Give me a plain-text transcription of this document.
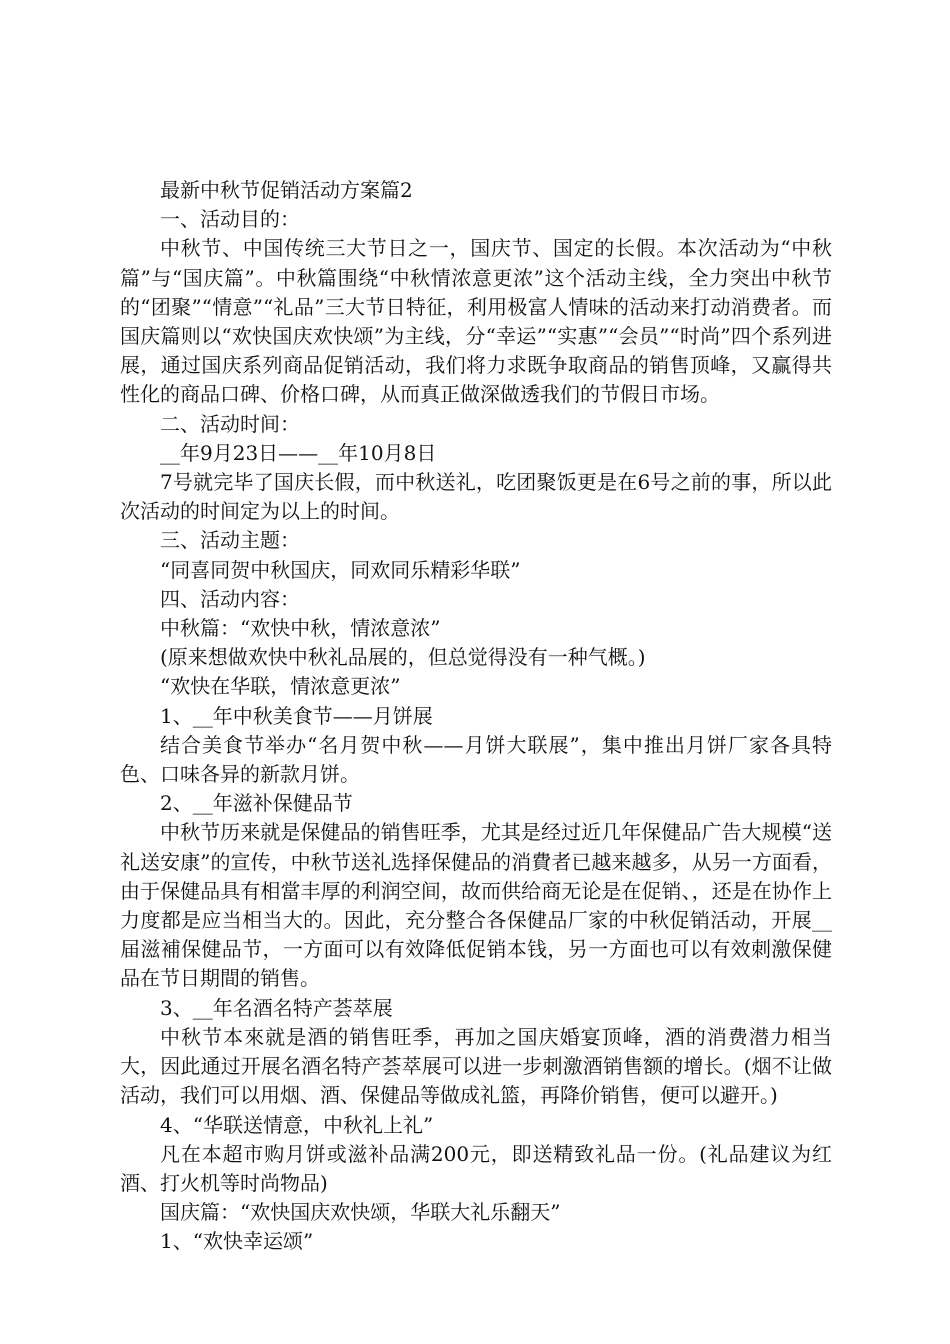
最新中秋节促销活动方案篇2

一、活动目的：

中秋节、中国传统三大节日之一，国庆节、国定的长假。本次活动为“中秋篇”与“国庆篇”。中秋篇围绕“中秋情浓意更浓”这个活动主线，全力突出中秋节的“团聚”“情意”“礼品”三大节日特征，利用极富人情味的活动来打动消费者。而国庆篇则以“欢快国庆欢快颂”为主线，分“幸运”“实惠”“会员”“时尚”四个系列进展，通过国庆系列商品促销活动，我们将力求既争取商品的销售顶峰，又赢得共性化的商品口碑、价格口碑，从而真正做深做透我们的节假日市场。

二、活动时间：

__年9月23日——__年10月8日

7号就完毕了国庆长假，而中秋送礼，吃团聚饭更是在6号之前的事，所以此次活动的时间定为以上的时间。

三、活动主题：

“同喜同贺中秋国庆，同欢同乐精彩华联”

四、活动内容：

中秋篇：“欢快中秋，情浓意浓”

(原来想做欢快中秋礼品展的，但总觉得没有一种气概。)

“欢快在华联，情浓意更浓”

1、__年中秋美食节——月饼展

结合美食节举办“名月贺中秋——月饼大联展”，集中推出月饼厂家各具特色、口味各异的新款月饼。

2、__年滋补保健品节

中秋节历来就是保健品的销售旺季，尤其是经过近几年保健品广告大规模“送礼送安康”的宣传，中秋节送礼选择保健品的消費者已越来越多，从另一方面看，由于保健品具有相當丰厚的利润空间，故而供给商无论是在促销、，还是在协作上力度都是应当相当大的。因此，充分整合各保健品厂家的中秋促销活动，开展__届滋補保健品节，一方面可以有效降低促销本钱，另一方面也可以有效刺激保健品在节日期間的销售。

3、__年名酒名特产荟萃展

中秋节本來就是酒的销售旺季，再加之国庆婚宴顶峰，酒的消费潜力相当大，因此通过开展名酒名特产荟萃展可以进一步刺激酒销售额的增长。(烟不让做活动，我们可以用烟、酒、保健品等做成礼篮，再降价销售，便可以避开。)

4、“华联送情意，中秋礼上礼”

凡在本超市购月饼或滋补品满200元，即送精致礼品一份。(礼品建议为红酒、打火机等时尚物品)

国庆篇：“欢快国庆欢快颂，华联大礼乐翻天”

1、“欢快幸运颂”
